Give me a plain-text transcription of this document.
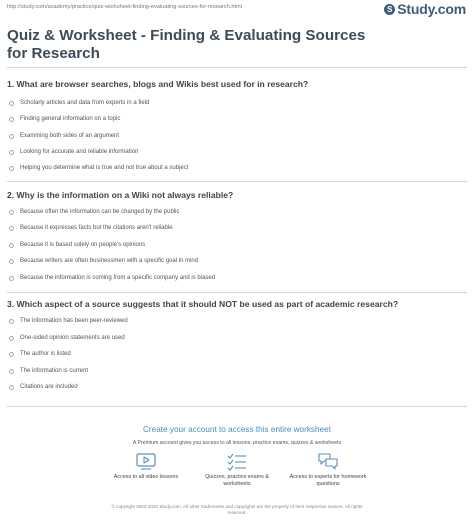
http://study.com/academy/practice/quiz-worksheet-finding-evaluating-sources-for-research.html	S Study.com
Quiz & Worksheet - Finding & Evaluating Sources for Research
1. What are browser searches, blogs and Wikis best used for in research?
Scholarly articles and data from experts in a field
Finding general information on a topic
Examining both sides of an argument
Looking for accurate and reliable information
Helping you determine what is true and not true about a subject
2. Why is the information on a Wiki not always reliable?
Because often the information can be changed by the public
Because it expresses facts but the citations aren't reliable
Because it is based solely on people's opinions
Because writers are often businessmen with a specific goal in mind
Because the information is coming from a specific company and is biased
3. Which aspect of a source suggests that it should NOT be used as part of academic research?
The information has been peer-reviewed
One-sided opinion statements are used
The author is listed
The information is current
Citations are included
Create your account to access this entire worksheet
A Premium account gives you access to all lessons, practice exams, quizzes & worksheets
Access to all video lessons	Quizzes, practice exams & worksheets
Access to experts for homework questions
© copyright 2003-2020 Study.com. All other trademarks and copyrights are the property of their respective owners. All rights
reserved.
